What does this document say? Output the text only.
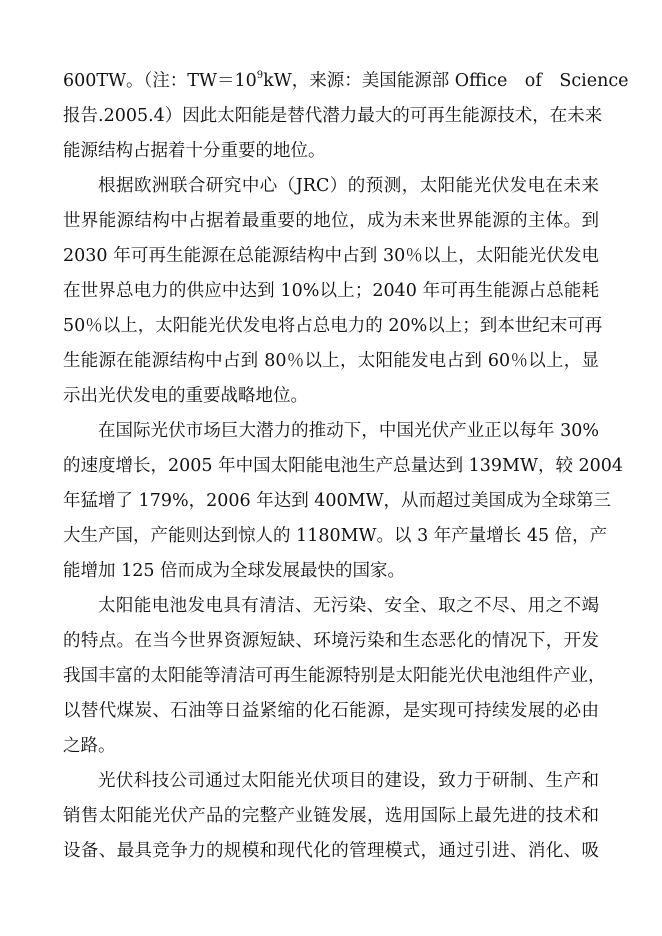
600TW。（注：$TW=10^9kW$，来源：美国能源部 Office　of　Science
报告.2005.4）因此太阳能是替代潜力最大的可再生能源技术，在未来
能源结构占据着十分重要的地位。
根据欧洲联合研究中心（JRC）的预测，太阳能光伏发电在未来
世界能源结构中占据着最重要的地位，成为未来世界能源的主体。到
2030 年可再生能源在总能源结构中占到 30％以上，太阳能光伏发电
在世界总电力的供应中达到 10%以上；2040 年可再生能源占总能耗
50％以上，太阳能光伏发电将占总电力的 20%以上；到本世纪末可再
生能源在能源结构中占到 80％以上，太阳能发电占到 60％以上，显
示出光伏发电的重要战略地位。
在国际光伏市场巨大潜力的推动下，中国光伏产业正以每年 30%
的速度增长，2005 年中国太阳能电池生产总量达到 139MW，较 2004
年猛增了 179%，2006 年达到 400MW，从而超过美国成为全球第三
大生产国，产能则达到惊人的 1180MW。以 3 年产量增长 45 倍，产
能增加 125 倍而成为全球发展最快的国家。
太阳能电池发电具有清洁、无污染、安全、取之不尽、用之不竭
的特点。在当今世界资源短缺、环境污染和生态恶化的情况下，开发
我国丰富的太阳能等清洁可再生能源特别是太阳能光伏电池组件产业，
以替代煤炭、石油等日益紧缩的化石能源，是实现可持续发展的必由
之路。
光伏科技公司通过太阳能光伏项目的建设，致力于研制、生产和
销售太阳能光伏产品的完整产业链发展，选用国际上最先进的技术和
设备、最具竞争力的规模和现代化的管理模式，通过引进、消化、吸
